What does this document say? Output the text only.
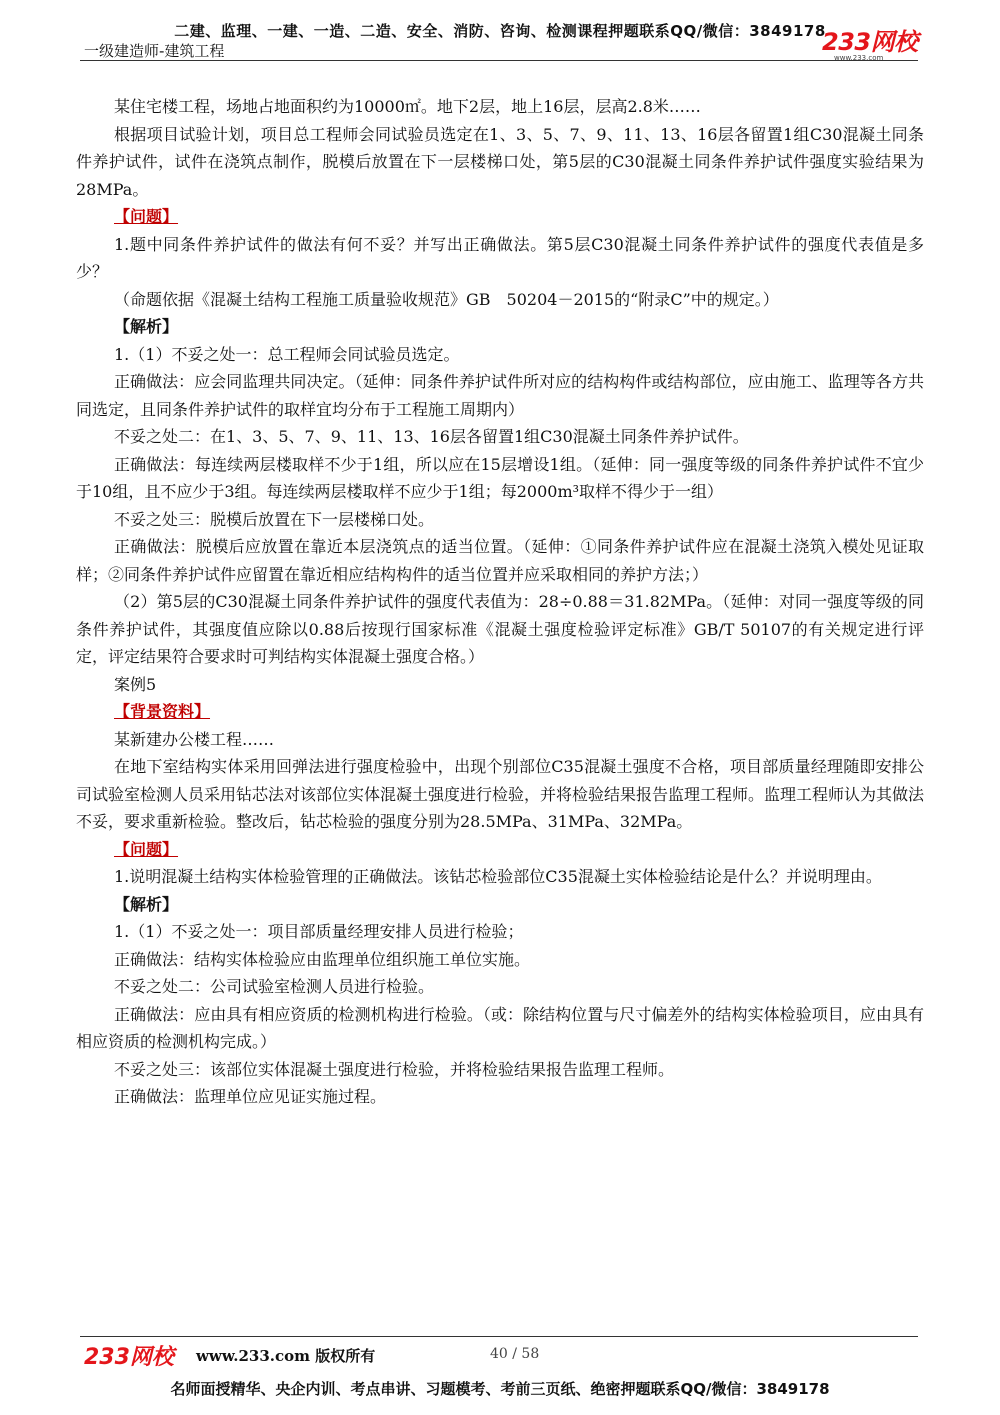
二建、监理、一建、一造、二造、安全、消防、咨询、检测课程押题联系QQ/微信：3849178
一级建造师-建筑工程	233网校
www.233.com

某住宅楼工程，场地占地面积约为10000㎡。地下2层，地上16层，层高2.8米……

根据项目试验计划，项目总工程师会同试验员选定在1、3、5、7、9、11、13、16层各留置1组C30混凝土同条件养护试件，试件在浇筑点制作，脱模后放置在下一层楼梯口处，第5层的C30混凝土同条件养护试件强度实验结果为28MPa。

【问题】

1.题中同条件养护试件的做法有何不妥？并写出正确做法。第5层C30混凝土同条件养护试件的强度代表值是多少？

（命题依据《混凝土结构工程施工质量验收规范》GB　50204－2015的“附录C”中的规定。）

【解析】

1.（1）不妥之处一：总工程师会同试验员选定。

正确做法：应会同监理共同决定。（延伸：同条件养护试件所对应的结构构件或结构部位，应由施工、监理等各方共同选定，且同条件养护试件的取样宜均分布于工程施工周期内）

不妥之处二：在1、3、5、7、9、11、13、16层各留置1组C30混凝土同条件养护试件。

正确做法：每连续两层楼取样不少于1组，所以应在15层增设1组。（延伸：同一强度等级的同条件养护试件不宜少于10组，且不应少于3组。每连续两层楼取样不应少于1组；每2000m³取样不得少于一组）

不妥之处三：脱模后放置在下一层楼梯口处。

正确做法：脱模后应放置在靠近本层浇筑点的适当位置。（延伸：①同条件养护试件应在混凝土浇筑入模处见证取样；②同条件养护试件应留置在靠近相应结构构件的适当位置并应采取相同的养护方法；）

（2）第5层的C30混凝土同条件养护试件的强度代表值为：28÷0.88＝31.82MPa。（延伸：对同一强度等级的同条件养护试件，其强度值应除以0.88后按现行国家标准《混凝土强度检验评定标准》GB/T 50107的有关规定进行评定，评定结果符合要求时可判结构实体混凝土强度合格。）

案例5

【背景资料】

某新建办公楼工程……

在地下室结构实体采用回弹法进行强度检验中，出现个别部位C35混凝土强度不合格，项目部质量经理随即安排公司试验室检测人员采用钻芯法对该部位实体混凝土强度进行检验，并将检验结果报告监理工程师。监理工程师认为其做法不妥，要求重新检验。整改后，钻芯检验的强度分别为28.5MPa、31MPa、32MPa。

【问题】

1.说明混凝土结构实体检验管理的正确做法。该钻芯检验部位C35混凝土实体检验结论是什么？并说明理由。

【解析】

1.（1）不妥之处一：项目部质量经理安排人员进行检验；

正确做法：结构实体检验应由监理单位组织施工单位实施。

不妥之处二：公司试验室检测人员进行检验。

正确做法：应由具有相应资质的检测机构进行检验。（或：除结构位置与尺寸偏差外的结构实体检验项目，应由具有相应资质的检测机构完成。）

不妥之处三：该部位实体混凝土强度进行检验，并将检验结果报告监理工程师。

正确做法：监理单位应见证实施过程。

233网校 www.233.com 版权所有	40 / 58
名师面授精华、央企内训、考点串讲、习题模考、考前三页纸、绝密押题联系QQ/微信：3849178
